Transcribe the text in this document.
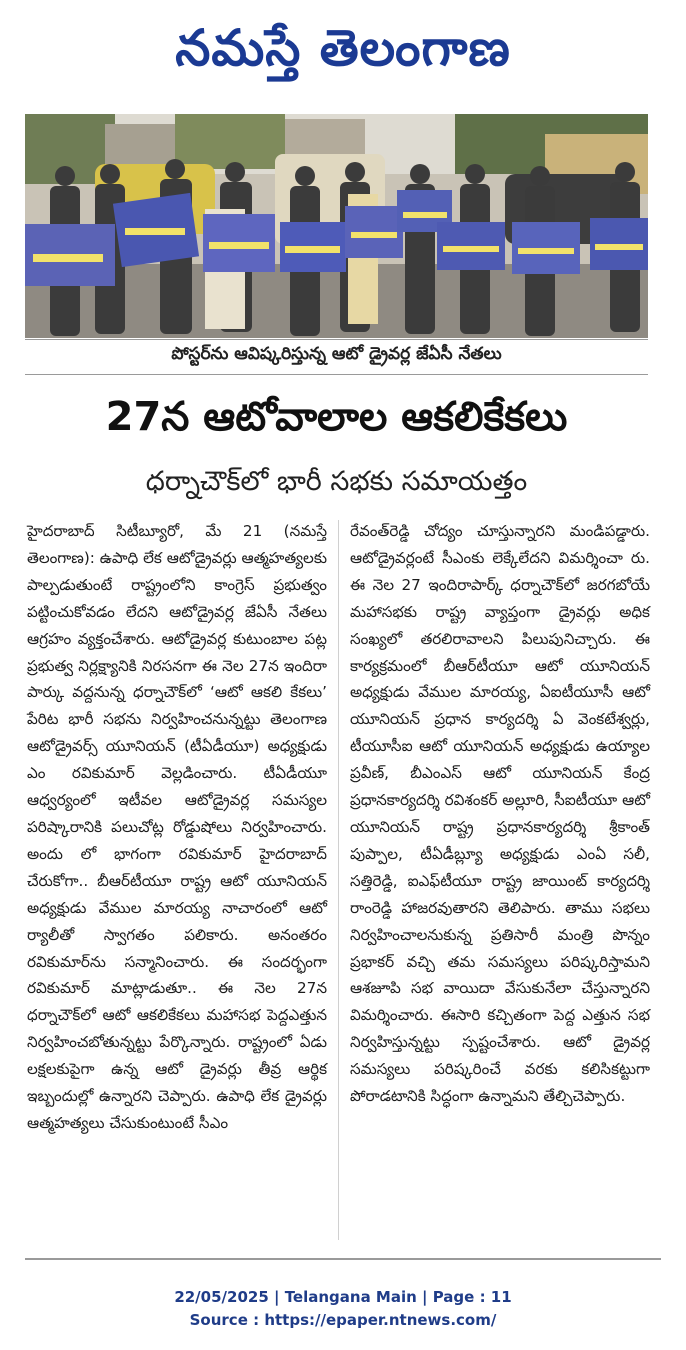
నమస్తే తెలంగాణ
పోస్టర్‌ను ఆవిష్కరిస్తున్న ఆటో డ్రైవర్ల జేఏసీ నేతలు
27న ఆటోవాలాల ఆకలికేకలు
ధర్నాచౌక్‌లో భారీ సభకు సమాయత్తం
హైదరాబాద్ సిటీబ్యూరో, మే 21 (నమస్తే తెలంగాణ): ఉపాధి లేక ఆటోడ్రైవర్లు ఆత్మహత్యలకు పాల్పడుతుంటే రాష్ట్రంలోని కాంగ్రెస్ ప్రభుత్వం పట్టించుకోవడం లేదని ఆటోడ్రైవర్ల జేఏసీ నేతలు ఆగ్రహం వ్యక్తంచేశారు. ఆటోడ్రైవర్ల కుటుంబాల పట్ల ప్రభుత్వ నిర్లక్ష్యానికి నిరసనగా ఈ నెల 27న ఇందిరా పార్కు వద్దనున్న ధర్నాచౌక్‌లో ‘ఆటో ఆకలి కేకలు’ పేరిట భారీ సభను నిర్వహించనున్నట్టు తెలంగాణ ఆటోడ్రైవర్స్ యూనియన్ (టీఏడీయూ) అధ్యక్షుడు ఎం రవికుమార్ వెల్లడించారు. టీఏడీయూ ఆధ్వర్యంలో ఇటీవల ఆటోడ్రైవర్ల సమస్యల పరిష్కారానికి పలుచోట్ల రోడ్డుషోలు నిర్వహించారు. అందు లో భాగంగా రవికుమార్ హైదరాబాద్ చేరుకోగా.. బీఆర్‌టీయూ రాష్ట్ర ఆటో యూనియన్ అధ్యక్షుడు వేముల మారయ్య నాచారంలో ఆటో ర్యాలీతో స్వాగతం పలికారు. అనంతరం రవికుమార్‌ను సన్మానించారు. ఈ సందర్భంగా రవికుమార్ మాట్లాడుతూ.. ఈ నెల 27న ధర్నాచౌక్‌లో ఆటో ఆకలికేకలు మహాసభ పెద్దఎత్తున నిర్వహించబోతున్నట్టు పేర్కొన్నారు. రాష్ట్రంలో ఏడు లక్షలకుపైగా ఉన్న ఆటో డ్రైవర్లు తీవ్ర ఆర్థిక ఇబ్బందుల్లో ఉన్నారని చెప్పారు. ఉపాధి లేక డ్రైవర్లు ఆత్మహత్యలు చేసుకుంటుంటే సీఎం
రేవంత్‌రెడ్డి చోద్యం చూస్తున్నారని మండిపడ్డారు. ఆటోడ్రైవర్లంటే సీఎంకు లెక్కేలేదని విమర్శించా రు. ఈ నెల 27 ఇందిరాపార్క్ ధర్నాచౌక్‌లో జరగబోయే మహాసభకు రాష్ట్ర వ్యాప్తంగా డ్రైవర్లు అధిక సంఖ్యలో తరలిరావాలని పిలుపునిచ్చారు. ఈ కార్యక్రమంలో బీఆర్‌టీయూ ఆటో యూనియన్ అధ్యక్షుడు వేముల మారయ్య, ఏఐటీయూసీ ఆటో యూనియన్ ప్రధాన కార్యదర్శి ఏ వెంకటేశ్వర్లు, టీయూసీఐ ఆటో యూనియన్ అధ్యక్షుడు ఉయ్యాల ప్రవీణ్, బీఎంఎస్ ఆటో యూనియన్ కేంద్ర ప్రధానకార్యదర్శి రవిశంకర్ అల్లూరి, సీఐటీయూ ఆటో యూనియన్ రాష్ట్ర ప్రధానకార్యదర్శి శ్రీకాంత్ పుప్పాల, టీఏడీబ్ల్యూ అధ్యక్షుడు ఎంఏ సలీ, సత్తిరెడ్డి, ఐఎఫ్‌టీయూ రాష్ట్ర జాయింట్ కార్యదర్శి రాంరెడ్డి హాజరవుతారని తెలిపారు. తాము సభలు నిర్వహించాలనుకున్న ప్రతిసారీ మంత్రి పొన్నం ప్రభాకర్ వచ్చి తమ సమస్యలు పరిష్కరిస్తామని ఆశజూపి సభ వాయిదా వేసుకునేలా చేస్తున్నారని విమర్శించారు. ఈసారి కచ్చితంగా పెద్ద ఎత్తున సభ నిర్వహిస్తున్నట్టు స్పష్టంచేశారు. ఆటో డ్రైవర్ల సమస్యలు పరిష్కరించే వరకు కలిసికట్టుగా పోరాడటానికి సిద్ధంగా ఉన్నామని తేల్చిచెప్పారు.
22/05/2025 | Telangana Main | Page : 11
Source : https://epaper.ntnews.com/
